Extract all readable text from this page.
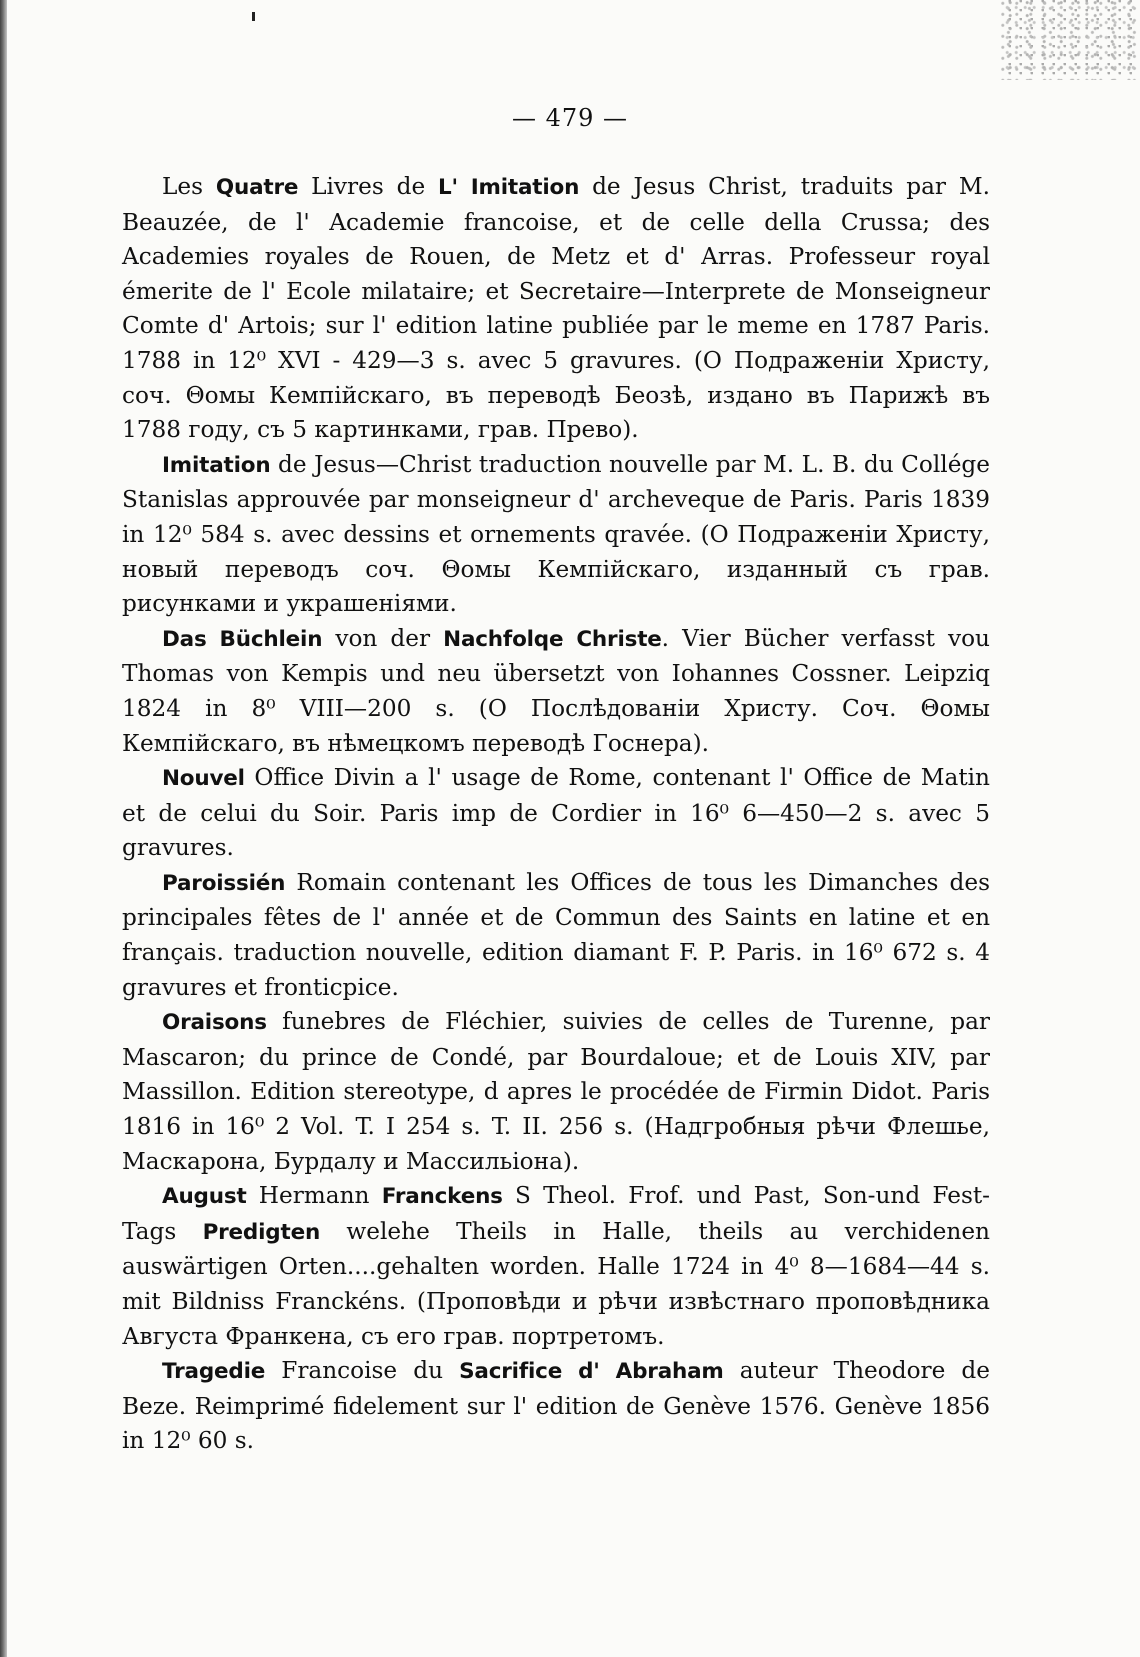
— 479 —

Les Quatre Livres de L' Imitation de Jesus Christ, traduits par M. Beauzée, de l' Academie francoise, et de celle della Crussa; des Academies royales de Rouen, de Metz et d' Arras. Professeur royal émerite de l' Ecole milataire; et Secretaire—Interprete de Monseigneur Comte d' Artois; sur l' edition latine publiée par le meme en 1787 Paris. 1788 in 12⁰ XVI - 429—3 s. avec 5 gravures. (О Подраженiи Христу, соч. Θомы Кемпiйскаго, въ переводѣ Беозѣ, издано въ Парижѣ въ 1788 году, съ 5 картинками, грав. Прево).

Imitation de Jesus—Christ traduction nouvelle par M. L. B. du Collége Stanislas approuvée par monseigneur d' archeveque de Paris. Paris 1839 in 12⁰ 584 s. avec dessins et ornements qravée. (О Подраженiи Христу, новый переводъ соч. Θомы Кемпiйскаго, изданный съ грав. рисунками и украшенiями.

Das Büchlein von der Nachfolqe Christe. Vier Bücher verfasst vou Thomas von Kempis und neu übersetzt von Iohannes Cossner. Leipziq 1824 in 8⁰ VIII—200 s. (О Послѣдованiи Христу. Соч. Θомы Кемпiйскаго, въ нѣмецкомъ переводѣ Госнера).

Nouvel Office Divin a l' usage de Rome, contenant l' Office de Matin et de celui du Soir. Paris imp de Cordier in 16⁰ 6—450—2 s. avec 5 gravures.

Paroissién Romain contenant les Offices de tous les Dimanches des principales fêtes de l' année et de Commun des Saints en latine et en français. traduction nouvelle, edition diamant F. P. Paris. in 16⁰ 672 s. 4 gravures et fronticpice.

Oraisons funebres de Fléchier, suivies de celles de Turenne, par Mascaron; du prince de Condé, par Bourdaloue; et de Louis XIV, par Massillon. Edition stereotype, d apres le procédée de Firmin Didot. Paris 1816 in 16⁰ 2 Vol. T. I 254 s. T. II. 256 s. (Надгробныя рѣчи Флешье, Маскарона, Бурдалу и Массильiона).

August Hermann Franckens S Theol. Frof. und Past, Son-und Fest-Tags Predigten welehe Theils in Halle, theils au verchidenen auswärtigen Orten....gehalten worden. Halle 1724 in 4⁰ 8—1684—44 s. mit Bildniss Franckéns. (Проповѣди и рѣчи извѣстнаго проповѣдника Августа Франкена, съ его грав. портретомъ.

Tragedie Francoise du Sacrifice d' Abraham auteur Theodore de Beze. Reimprimé fidelement sur l' edition de Genève 1576. Genève 1856 in 12⁰ 60 s.
